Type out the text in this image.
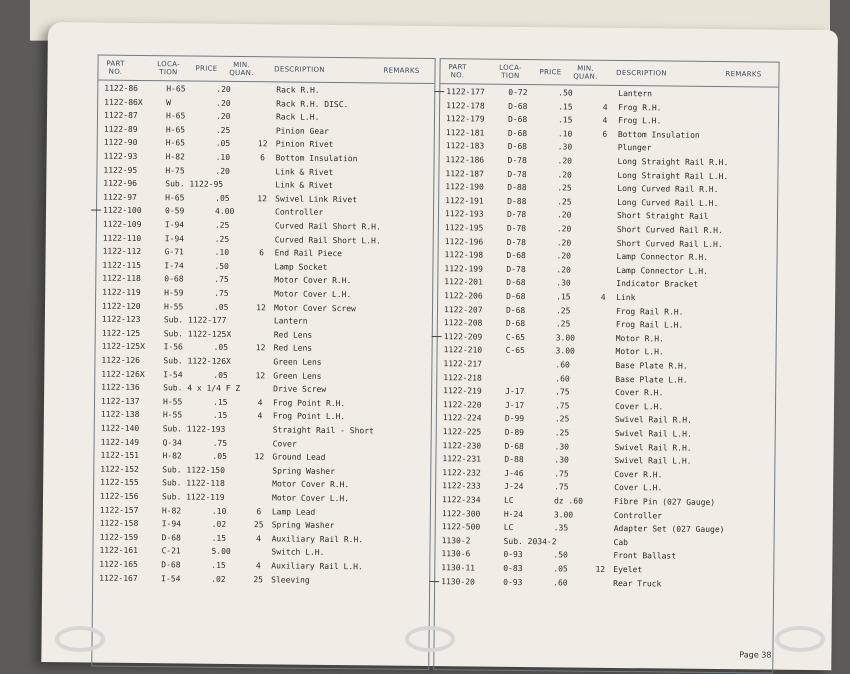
PART NO.
LOCA- TION	PRICE	MIN. QUAN.	DESCRIPTION	REMARKS
1122-86	H-65	.20	Rack R.H.
1122-86X	W	.20	Rack R.H. DISC.
1122-87	H-65	.20	Rack L.H.
1122-89	H-65	.25	Pinion Gear
1122-90	H-65	.05	12	Pinion Rivet
1122-93	H-82	.10	6	Bottom Insulation
1122-95	H-75	.20	Link & Rivet
1122-96	Sub. 1122-95	Link & Rivet
1122-97	H-65	.05	12	Swivel Link Rivet
1122-100	0-59	4.00	Controller
1122-109	I-94	.25	Curved Rail Short R.H.
1122-110	I-94	.25	Curved Rail Short L.H.
1122-112	G-71	.10	6	End Rail Piece
1122-115	I-74	.50	Lamp Socket
1122-118	0-68	.75	Motor Cover R.H.
1122-119	H-59	.75	Motor Cover L.H.
1122-120	H-55	.05	12	Motor Cover Screw
1122-123	Sub. 1122-177	Lantern
1122-125	Sub. 1122-125X	Red Lens
1122-125X	I-56	.05	12	Red Lens
1122-126	Sub. 1122-126X	Green Lens
1122-126X	I-54	.05	12	Green Lens
1122-136	Sub. 4 x 1/4 F Z	Drive Screw
1122-137	H-55	.15	4	Frog Point R.H.
1122-138	H-55	.15	4	Frog Point L.H.
1122-140	Sub. 1122-193	Straight Rail - Short
1122-149	Q-34	.75	Cover
1122-151	H-82	.05	12	Ground Lead
1122-152	Sub. 1122-150	Spring Washer
1122-155	Sub. 1122-118	Motor Cover R.H.
1122-156	Sub. 1122-119	Motor Cover L.H.
1122-157	H-82	.10	6	Lamp Lead
1122-158	I-94	.02	25	Spring Washer
1122-159	D-68	.15	4	Auxiliary Rail R.H.
1122-161	C-21	5.00	Switch L.H.
1122-165	D-68	.15	4	Auxiliary Rail L.H.
1122-167	I-54	.02	25	Sleeving
PART NO.
LOCA- TION	PRICE	MIN. QUAN.	DESCRIPTION	REMARKS
1122-177	0-72	.50	Lantern
1122-178	D-68	.15	4	Frog R.H.
1122-179	D-68	.15	4	Frog L.H.
1122-181	D-68	.10	6	Bottom Insulation
1122-183	D-68	.30	Plunger
1122-186	D-78	.20	Long Straight Rail R.H.
1122-187	D-78	.20	Long Straight Rail L.H.
1122-190	D-88	.25	Long Curved Rail R.H.
1122-191	D-88	.25	Long Curved Rail L.H.
1122-193	D-78	.20	Short Straight Rail
1122-195	D-78	.20	Short Curved Rail R.H.
1122-196	D-78	.20	Short Curved Rail L.H.
1122-198	D-68	.20	Lamp Connector R.H.
1122-199	D-78	.20	Lamp Connector L.H.
1122-201	D-68	.30	Indicator Bracket
1122-206	D-68	.15	4	Link
1122-207	D-68	.25	Frog Rail R.H.
1122-208	D-68	.25	Frog Rail L.H.
1122-209	C-65	3.00	Motor R.H.
1122-210	C-65	3.00	Motor L.H.
1122-217	.60	Base Plate R.H.
1122-218	.60	Base Plate L.H.
1122-219	J-17	.75	Cover R.H.
1122-220	J-17	.75	Cover L.H.
1122-224	D-99	.25	Swivel Rail R.H.
1122-225	D-89	.25	Swivel Rail L.H.
1122-230	D-68	.30	Swivel Rail R.H.
1122-231	D-88	.30	Swivel Rail L.H.
1122-232	J-46	.75	Cover R.H.
1122-233	J-24	.75	Cover L.H.
1122-234	LC	dz .60	Fibre Pin (027 Gauge)
1122-300	H-24	3.00	Controller
1122-500	LC	.35	Adapter Set (027 Gauge)
1130-2	Sub. 2034-2	Cab
1130-6	0-93	.50	Front Ballast
1130-11	0-83	.05	12	Eyelet
1130-20	0-93	.60	Rear Truck
Page 38
